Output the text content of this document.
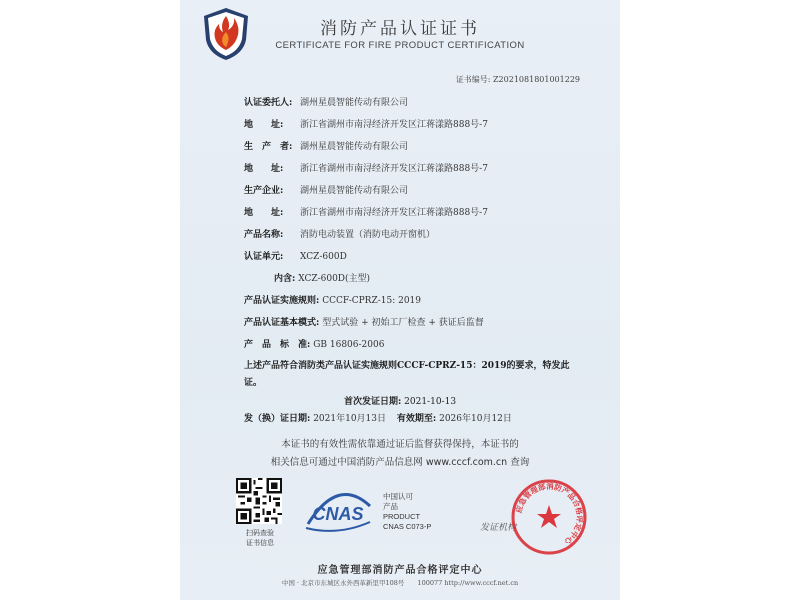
消防产品认证证书
CERTIFICATE FOR FIRE PRODUCT CERTIFICATION
证书编号: Z2021081801001229
认证委托人: 湖州星晨智能传动有限公司
地　　址: 浙江省湖州市南浔经济开发区江蒋漾路888号-7
生　产　者: 湖州星晨智能传动有限公司
地　　址: 浙江省湖州市南浔经济开发区江蒋漾路888号-7
生产企业: 湖州星晨智能传动有限公司
地　　址: 浙江省湖州市南浔经济开发区江蒋漾路888号-7
产品名称: 消防电动装置（消防电动开窗机）
认证单元: XCZ-600D
内含: XCZ-600D(主型)
产品认证实施规则: CCCF-CPRZ-15: 2019
产品认证基本模式: 型式试验 + 初始工厂检查 + 获证后监督
产　品　标　准: GB 16806-2006
上述产品符合消防类产品认证实施规则CCCF-CPRZ-15：2019的要求，特发此证。
首次发证日期: 2021-10-13
发（换）证日期: 2021年10月13日 有效期至: 2026年10月12日
本证书的有效性需依靠通过证后监督获得保持，本证书的
相关信息可通过中国消防产品信息网 www.cccf.com.cn 查询
扫码查验
证书信息
CNAS
中国认可
产品
PRODUCT
CNAS C073-P	发证机构
应急管理部消防产品合格评定中心
应急管理部消防产品合格评定中心
中国 · 北京市东城区永外西革新里甲108号　　100077 http://www.cccf.net.cn
